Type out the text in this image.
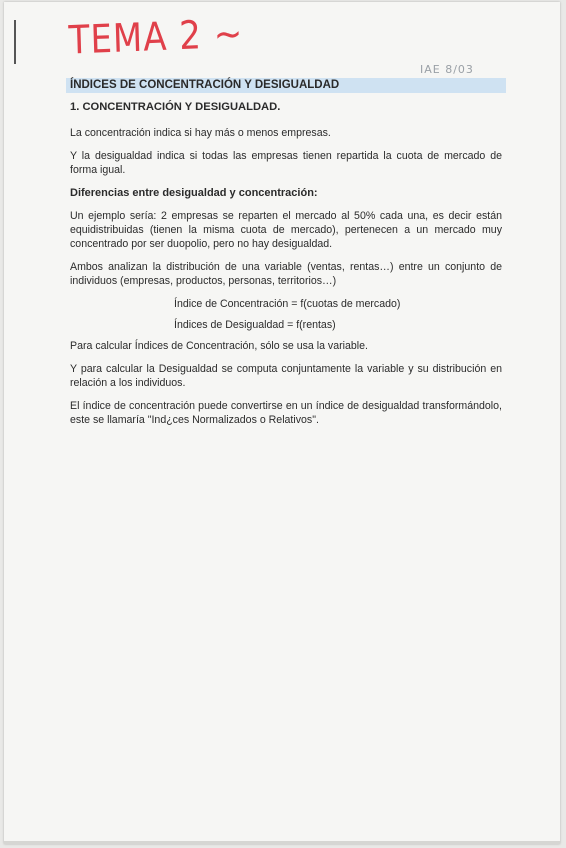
TEMA 2 ~
IAE 8/03
ÍNDICES DE CONCENTRACIÓN Y DESIGUALDAD

1. CONCENTRACIÓN Y DESIGUALDAD.

La concentración indica si hay más o menos empresas.

Y la desigualdad indica si todas las empresas tienen repartida la cuota de mercado de forma igual.

Diferencias entre desigualdad y concentración:

Un ejemplo sería: 2 empresas se reparten el mercado al 50% cada una, es decir están equidistribuidas (tienen la misma cuota de mercado), pertenecen a un mercado muy concentrado por ser duopolio, pero no hay desigualdad.

Ambos analizan la distribución de una variable (ventas, rentas…) entre un conjunto de individuos (empresas, productos, personas, territorios…)

Índice de Concentración = f(cuotas de mercado)

Índices de Desigualdad = f(rentas)

Para calcular Índices de Concentración, sólo se usa la variable.

Y para calcular la Desigualdad se computa conjuntamente la variable y su distribución en relación a los individuos.

El índice de concentración puede convertirse en un índice de desigualdad transformándolo, este se llamaría "Ind¿ces Normalizados o Relativos".
